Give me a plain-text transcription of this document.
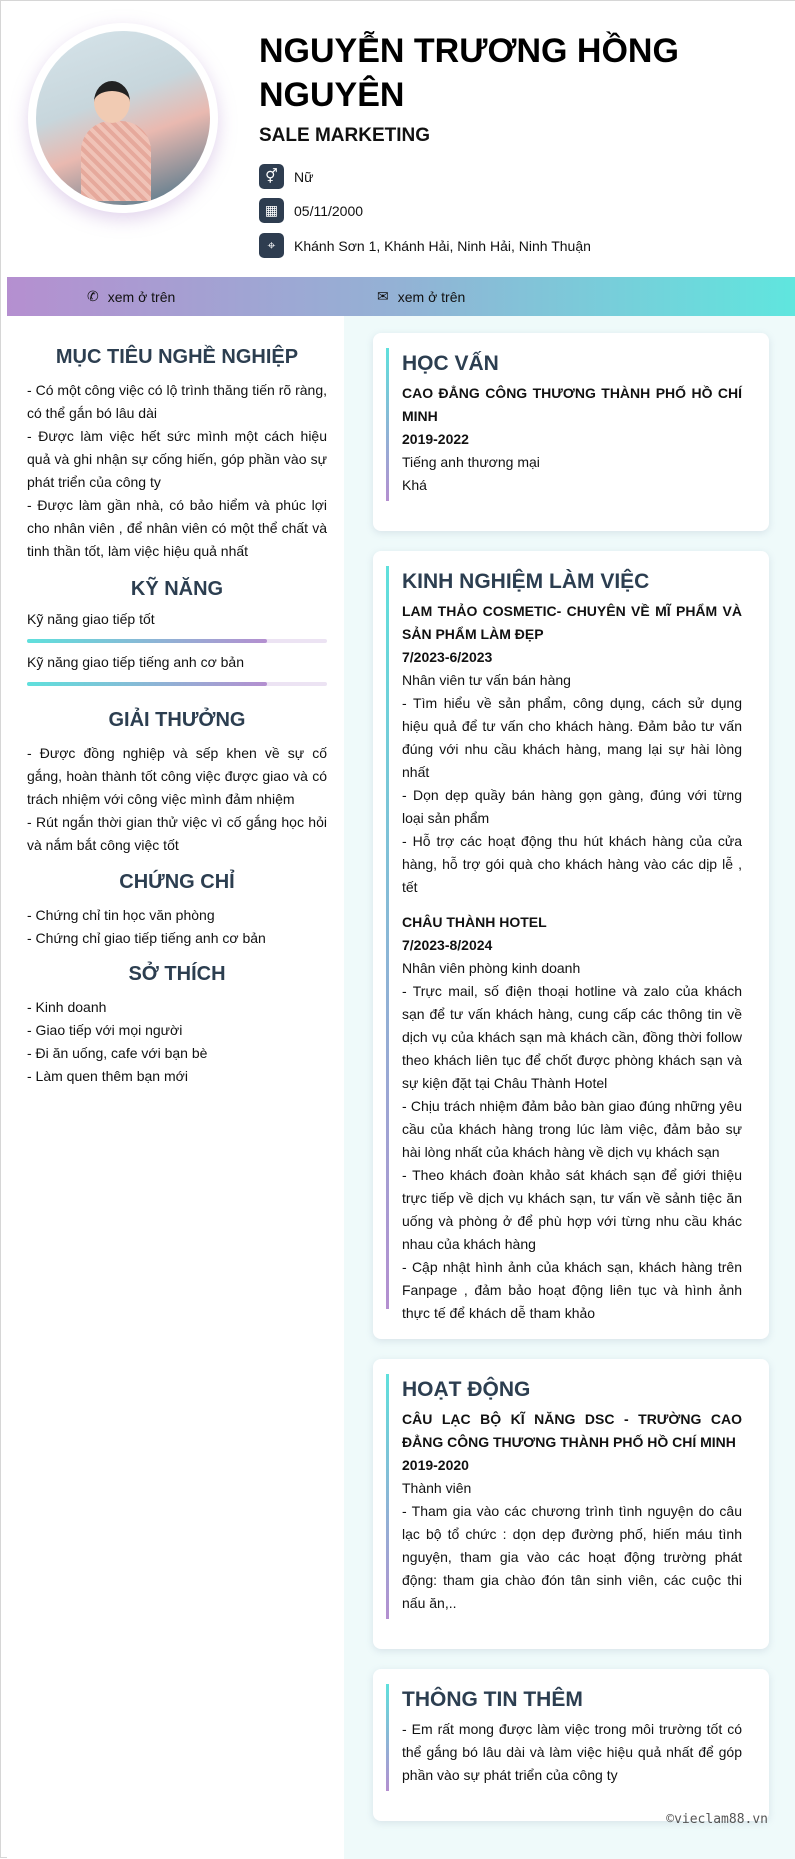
NGUYỄN TRƯƠNG HỒNG NGUYÊN
SALE MARKETING
⚥	Nữ
▦	05/11/2000
⌖	Khánh Sơn 1, Khánh Hải, Ninh Hải, Ninh Thuận
✆ xem ở trên	✉ xem ở trên
MỤC TIÊU NGHỀ NGHIỆP
- Có một công việc có lộ trình thăng tiến rõ ràng, có thể gắn bó lâu dài
- Được làm việc hết sức mình một cách hiệu quả và ghi nhận sự cống hiến, góp phần vào sự phát triển của công ty
- Được làm gần nhà, có bảo hiểm và phúc lợi cho nhân viên , để nhân viên có một thể chất và tinh thần tốt, làm việc hiệu quả nhất
KỸ NĂNG
Kỹ năng giao tiếp tốt
Kỹ năng giao tiếp tiếng anh cơ bản
GIẢI THƯỞNG
- Được đồng nghiệp và sếp khen về sự cố gắng, hoàn thành tốt công việc được giao và có trách nhiệm với công việc mình đảm nhiệm
- Rút ngắn thời gian thử việc vì cố gắng học hỏi và nắm bắt công việc tốt
CHỨNG CHỈ
- Chứng chỉ tin học văn phòng
- Chứng chỉ giao tiếp tiếng anh cơ bản
SỞ THÍCH
- Kinh doanh
- Giao tiếp với mọi người
- Đi ăn uống, cafe với bạn bè
- Làm quen thêm bạn mới
HỌC VẤN
CAO ĐẲNG CÔNG THƯƠNG THÀNH PHỐ HỒ CHÍ MINH
2019-2022
Tiếng anh thương mại
Khá
KINH NGHIỆM LÀM VIỆC
LAM THẢO COSMETIC- CHUYÊN VỀ MĨ PHẨM VÀ SẢN PHẨM LÀM ĐẸP
7/2023-6/2023
Nhân viên tư vấn bán hàng
- Tìm hiểu về sản phẩm, công dụng, cách sử dụng hiệu quả để tư vấn cho khách hàng. Đảm bảo tư vấn đúng với nhu cầu khách hàng, mang lại sự hài lòng nhất
- Dọn dẹp quầy bán hàng gọn gàng, đúng với từng loại sản phẩm
- Hỗ trợ các hoạt động thu hút khách hàng của cửa hàng, hỗ trợ gói quà cho khách hàng vào các dịp lễ , tết
CHÂU THÀNH HOTEL
7/2023-8/2024
Nhân viên phòng kinh doanh
- Trực mail, số điện thoại hotline và zalo của khách sạn để tư vấn khách hàng, cung cấp các thông tin về dịch vụ của khách sạn mà khách cần, đồng thời follow theo khách liên tục để chốt được phòng khách sạn và sự kiện đặt tại Châu Thành Hotel
- Chịu trách nhiệm đảm bảo bàn giao đúng những yêu cầu của khách hàng trong lúc làm việc, đảm bảo sự hài lòng nhất của khách hàng về dịch vụ khách sạn
- Theo khách đoàn khảo sát khách sạn để giới thiệu trực tiếp về dịch vụ khách sạn, tư vấn về sảnh tiệc ăn uống và phòng ở để phù hợp với từng nhu cầu khác nhau của khách hàng
- Cập nhật hình ảnh của khách sạn, khách hàng trên Fanpage , đảm bảo hoạt động liên tục và hình ảnh thực tế để khách dễ tham khảo
HOẠT ĐỘNG
CÂU LẠC BỘ KĨ NĂNG DSC - TRƯỜNG CAO ĐẲNG CÔNG THƯƠNG THÀNH PHỐ HỒ CHÍ MINH
2019-2020
Thành viên
- Tham gia vào các chương trình tình nguyện do câu lạc bộ tổ chức : dọn dẹp đường phố, hiến máu tình nguyện, tham gia vào các hoạt động trường phát động: tham gia chào đón tân sinh viên, các cuộc thi nấu ăn,..
THÔNG TIN THÊM
- Em rất mong được làm việc trong môi trường tốt có thể gắng bó lâu dài và làm việc hiệu quả nhất để góp phần vào sự phát triển của công ty
©vieclam88.vn
